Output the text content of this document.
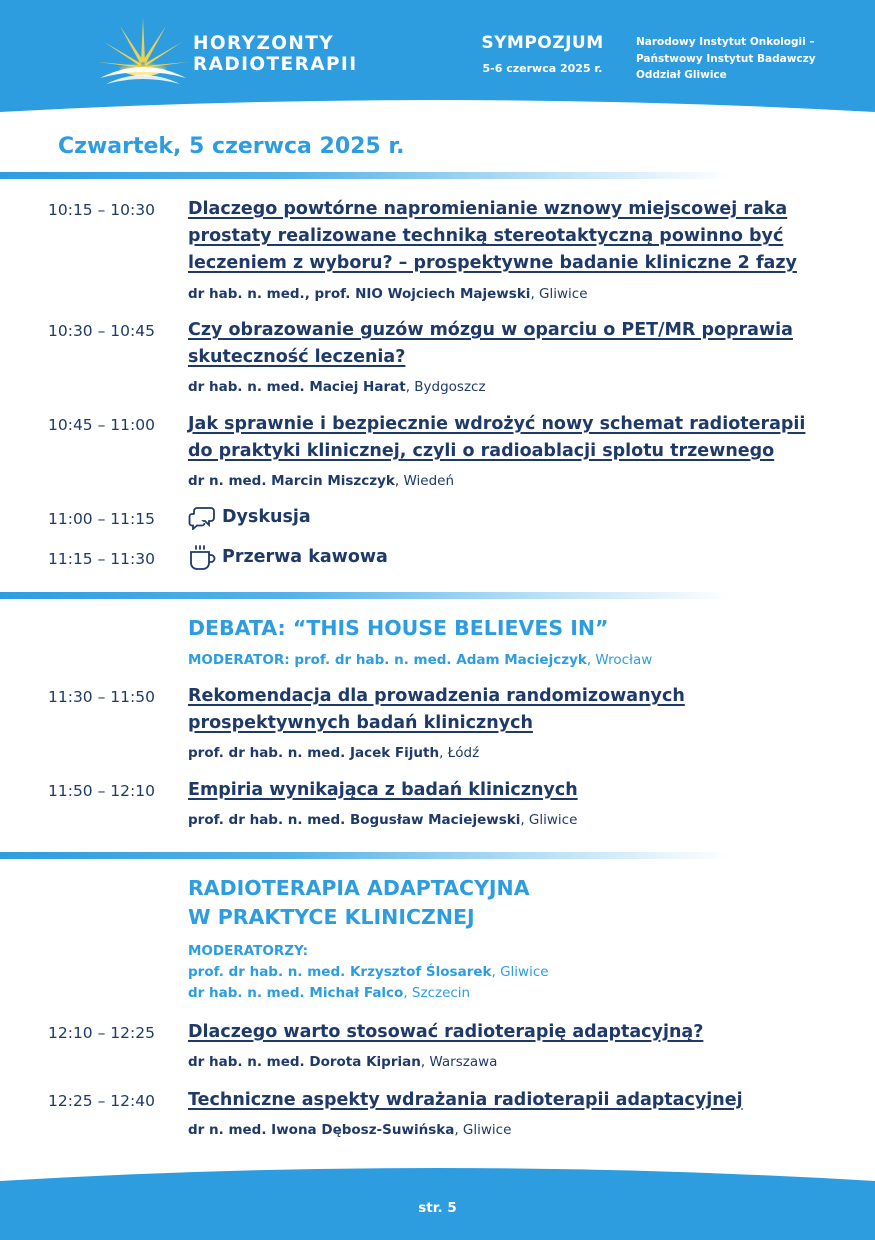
HORYZONTY
RADIOTERAPII
SYMPOZJUM
5-6 czerwca 2025 r.
Narodowy Instytut Onkologii –
Państwowy Instytut Badawczy
Oddział Gliwice
Czwartek, 5 czerwca 2025 r.
10:15 – 10:30 Dlaczego powtórne napromienianie wznowy miejscowej raka
prostaty realizowane techniką stereotaktyczną powinno być
leczeniem z wyboru? – prospektywne badanie kliniczne 2 fazy
dr hab. n. med., prof. NIO Wojciech Majewski, Gliwice
10:30 – 10:45 Czy obrazowanie guzów mózgu w oparciu o PET/MR poprawia
skuteczność leczenia?
dr hab. n. med. Maciej Harat, Bydgoszcz
10:45 – 11:00 Jak sprawnie i bezpiecznie wdrożyć nowy schemat radioterapii
do praktyki klinicznej, czyli o radioablacji splotu trzewnego
dr n. med. Marcin Miszczyk, Wiedeń
11:00 – 11:15	Dyskusja
11:15 – 11:30	Przerwa kawowa
DEBATA: “THIS HOUSE BELIEVES IN”
MODERATOR: prof. dr hab. n. med. Adam Maciejczyk, Wrocław
11:30 – 11:50 Rekomendacja dla prowadzenia randomizowanych
prospektywnych badań klinicznych
prof. dr hab. n. med. Jacek Fijuth, Łódź
11:50 – 12:10 Empiria wynikająca z badań klinicznych
prof. dr hab. n. med. Bogusław Maciejewski, Gliwice
RADIOTERAPIA ADAPTACYJNA
W PRAKTYCE KLINICZNEJ
MODERATORZY:
prof. dr hab. n. med. Krzysztof Ślosarek, Gliwice
dr hab. n. med. Michał Falco, Szczecin
12:10 – 12:25 Dlaczego warto stosować radioterapię adaptacyjną?
dr hab. n. med. Dorota Kiprian, Warszawa
12:25 – 12:40 Techniczne aspekty wdrażania radioterapii adaptacyjnej
dr n. med. Iwona Dębosz-Suwińska, Gliwice
str. 5
